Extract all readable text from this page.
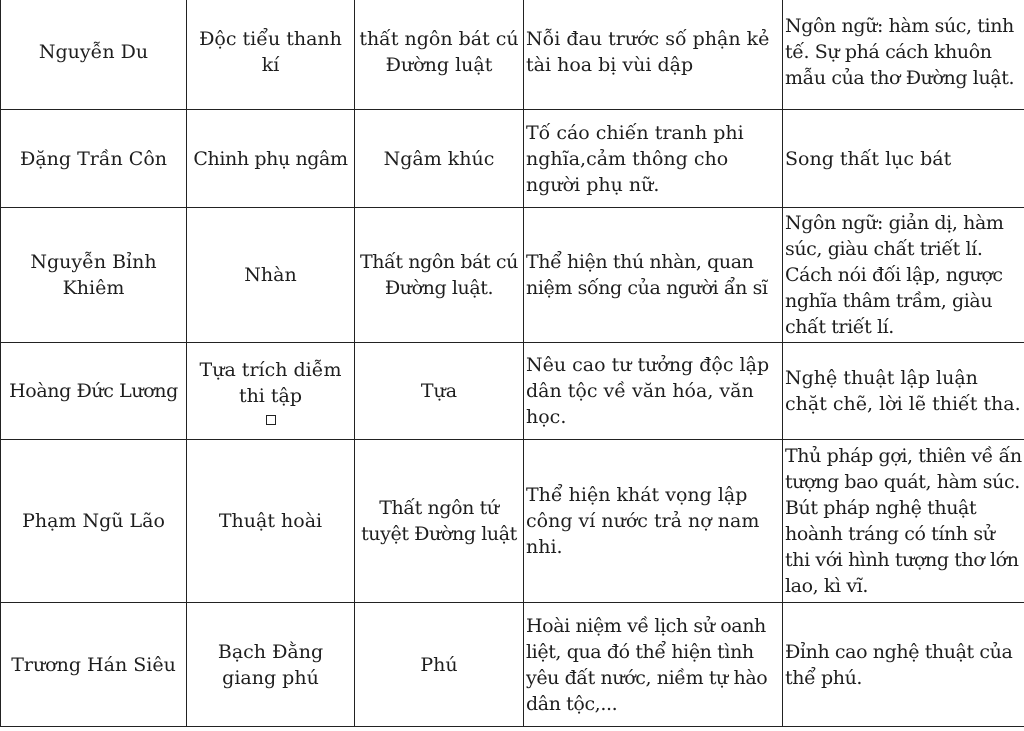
Nguyễn Du	Độc tiểu thanh kí	thất ngôn bát cú Đường luật	Nỗi đau trước số phận kẻ tài hoa bị vùi dập	Ngôn ngữ: hàm súc, tinh tế. Sự phá cách khuôn mẫu của thơ Đường luật.
Đặng Trần Côn	Chinh phụ ngâm	Ngâm khúc	Tố cáo chiến tranh phi nghĩa,cảm thông cho người phụ nữ.	Song thất lục bát
Nguyễn Bỉnh Khiêm	Nhàn	Thất ngôn bát cú Đường luật.	Thể hiện thú nhàn, quan niệm sống của người ẩn sĩ	Ngôn ngữ: giản dị, hàm súc, giàu chất triết lí. Cách nói đối lập, ngược nghĩa thâm trầm, giàu chất triết lí.
Hoàng Đức Lương	Tựa trích diễm thi tập	Tựa	Nêu cao tư tưởng độc lập dân tộc về văn hóa, văn học.	Nghệ thuật lập luận chặt chẽ, lời lẽ thiết tha.
Phạm Ngũ Lão	Thuật hoài	Thất ngôn tứ tuyệt Đường luật	Thể hiện khát vọng lập công ví nước trả nợ nam nhi.	Thủ pháp gợi, thiên về ấn tượng bao quát, hàm súc. Bút pháp nghệ thuật hoành tráng có tính sử thi với hình tượng thơ lớn lao, kì vĩ.
Trương Hán Siêu	Bạch Đằng giang phú	Phú	Hoài niệm về lịch sử oanh liệt, qua đó thể hiện tình yêu đất nước, niềm tự hào dân tộc,...	Đỉnh cao nghệ thuật của thể phú.
